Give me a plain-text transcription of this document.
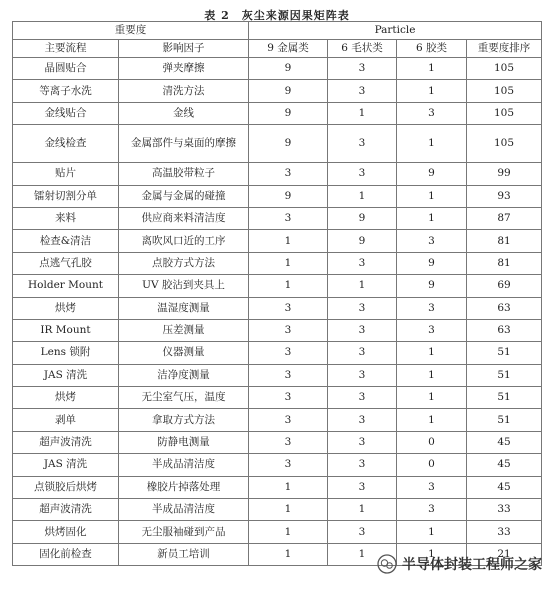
表 2　灰尘来源因果矩阵表
重要度		Particle			
主要流程	影响因子	9 金属类	6 毛状类	6 胶类	重要度排序
晶圆贴合	弹夹摩擦	9	3	1	105
等离子水洗	清洗方法	9	3	1	105
金线贴合	金线	9	1	3	105
金线检查	金属部件与桌面的摩擦	9	3	1	105
贴片	高温胶带粒子	3	3	9	99
镭射切割分单	金属与金属的碰撞	9	1	1	93
来料	供应商来料清洁度	3	9	1	87
检查&清洁	离吹风口近的工序	1	9	3	81
点逃气孔胶	点胶方式方法	1	3	9	81
Holder Mount	UV 胶沾到夹具上	1	1	9	69
烘烤	温湿度测量	3	3	3	63
IR Mount	压差测量	3	3	3	63
Lens 锁附	仪器测量	3	3	1	51
JAS 清洗	洁净度测量	3	3	1	51
烘烤	无尘室气压，温度	3	3	1	51
剥单	拿取方式方法	3	3	1	51
超声波清洗	防静电测量	3	3	0	45
JAS 清洗	半成品清洁度	3	3	0	45
点锁胶后烘烤	橡胶片掉落处理	1	3	3	45
超声波清洗	半成品清洁度	1	1	3	33
烘烤固化	无尘服袖碰到产品	1	3	1	33
固化前检查	新员工培训	1	1	1	21
半导体封装工程师之家
